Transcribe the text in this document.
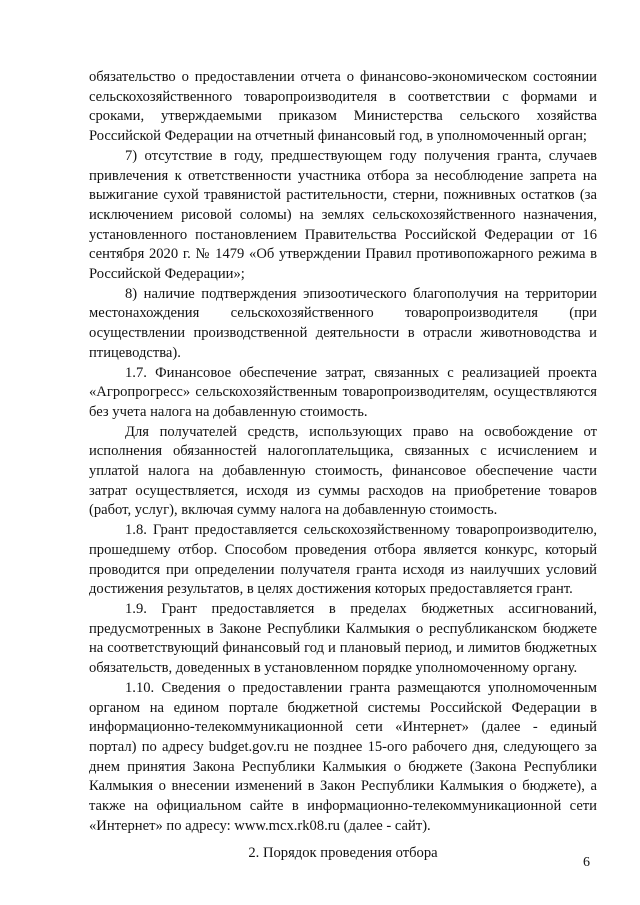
обязательство о предоставлении отчета о финансово-экономическом состоянии сельскохозяйственного товаропроизводителя в соответствии с формами и сроками, утверждаемыми приказом Министерства сельского хозяйства Российской Федерации на отчетный финансовый год, в уполномоченный орган;

7) отсутствие в году, предшествующем году получения гранта, случаев привлечения к ответственности участника отбора за несоблюдение запрета на выжигание сухой травянистой растительности, стерни, пожнивных остатков (за исключением рисовой соломы) на землях сельскохозяйственного назначения, установленного постановлением Правительства Российской Федерации от 16 сентября 2020 г. № 1479 «Об утверждении Правил противопожарного режима в Российской Федерации»;

8) наличие подтверждения эпизоотического благополучия на территории местонахождения сельскохозяйственного товаропроизводителя (при осуществлении производственной деятельности в отрасли животноводства и птицеводства).

1.7. Финансовое обеспечение затрат, связанных с реализацией проекта «Агропрогресс» сельскохозяйственным товаропроизводителям, осуществляются без учета налога на добавленную стоимость.

Для получателей средств, использующих право на освобождение от исполнения обязанностей налогоплательщика, связанных с исчислением и уплатой налога на добавленную стоимость, финансовое обеспечение части затрат осуществляется, исходя из суммы расходов на приобретение товаров (работ, услуг), включая сумму налога на добавленную стоимость.

1.8. Грант предоставляется сельскохозяйственному товаропроизводителю, прошедшему отбор. Способом проведения отбора является конкурс, который проводится при определении получателя гранта исходя из наилучших условий достижения результатов, в целях достижения которых предоставляется грант.

1.9. Грант предоставляется в пределах бюджетных ассигнований, предусмотренных в Законе Республики Калмыкия о республиканском бюджете на соответствующий финансовый год и плановый период, и лимитов бюджетных обязательств, доведенных в установленном порядке уполномоченному органу.

1.10. Сведения о предоставлении гранта размещаются уполномоченным органом на едином портале бюджетной системы Российской Федерации в информационно-телекоммуникационной сети «Интернет» (далее - единый портал) по адресу budget.gov.ru не позднее 15-ого рабочего дня, следующего за днем принятия Закона Республики Калмыкия о бюджете (Закона Республики Калмыкия о внесении изменений в Закон Республики Калмыкия о бюджете), а также на официальном сайте в информационно-телекоммуникационной сети «Интернет» по адресу: www.mcx.rk08.ru (далее - сайт).

2. Порядок проведения отбора

6
